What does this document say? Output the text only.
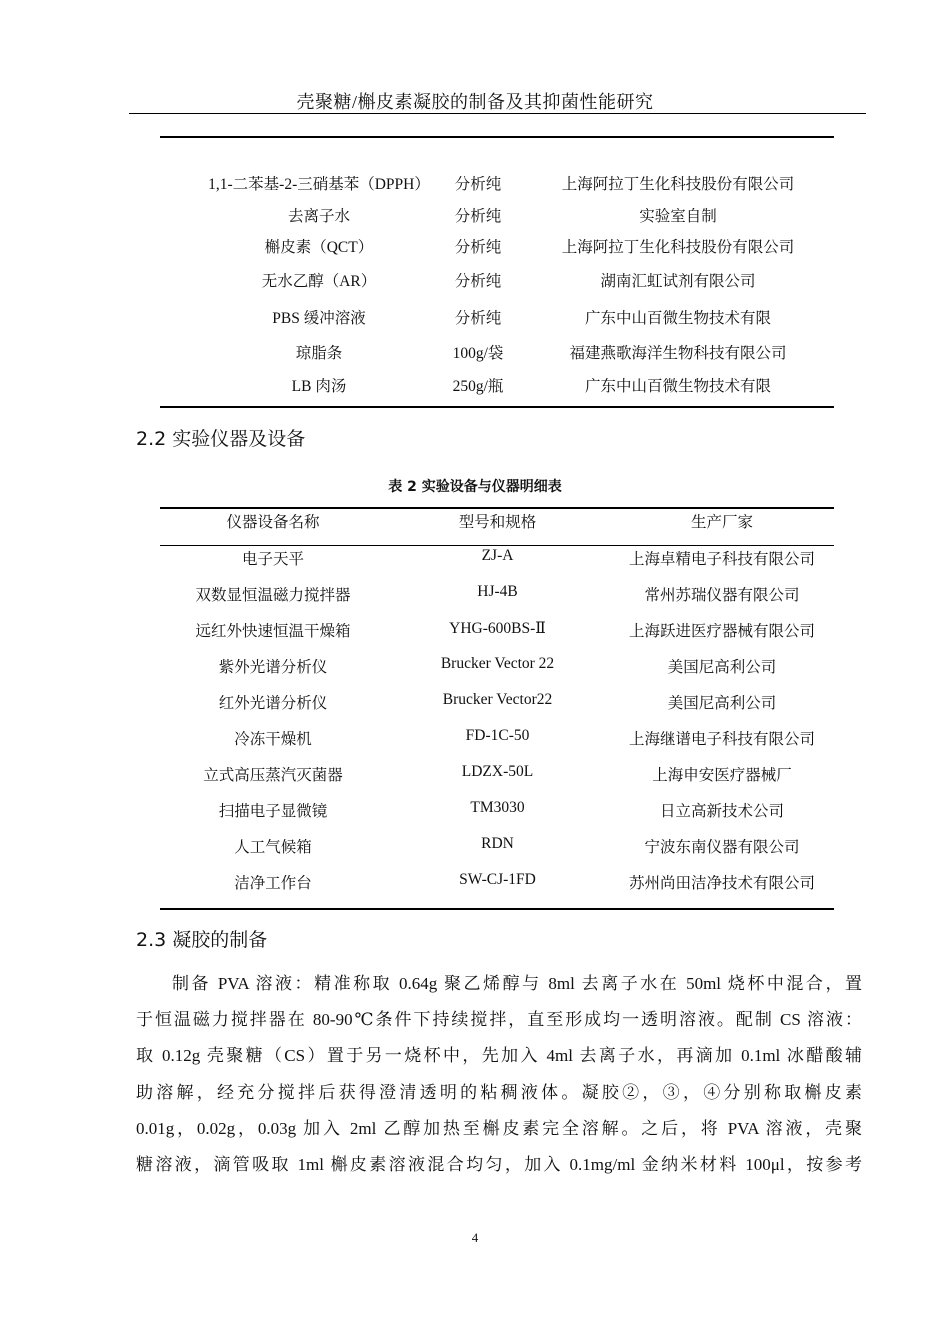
壳聚糖/槲皮素凝胶的制备及其抑菌性能研究
1,1-二苯基-2-三硝基苯（DPPH）	分析纯	上海阿拉丁生化科技股份有限公司
去离子水	分析纯	实验室自制
槲皮素（QCT）	分析纯	上海阿拉丁生化科技股份有限公司
无水乙醇（AR）	分析纯	湖南汇虹试剂有限公司
PBS 缓冲溶液	分析纯	广东中山百微生物技术有限
琼脂条	100g/袋	福建燕歌海洋生物科技有限公司
LB 肉汤	250g/瓶	广东中山百微生物技术有限
2.2 实验仪器及设备
表 2 实验设备与仪器明细表
仪器设备名称	型号和规格	生产厂家
电子天平	ZJ-A	上海卓精电子科技有限公司
双数显恒温磁力搅拌器	HJ-4B	常州苏瑞仪器有限公司
远红外快速恒温干燥箱	YHG-600BS-Ⅱ	上海跃进医疗器械有限公司
紫外光谱分析仪	Brucker Vector 22	美国尼高利公司
红外光谱分析仪	Brucker Vector22	美国尼高利公司
冷冻干燥机	FD-1C-50	上海继谱电子科技有限公司
立式高压蒸汽灭菌器	LDZX-50L	上海申安医疗器械厂
扫描电子显微镜	TM3030	日立高新技术公司
人工气候箱	RDN	宁波东南仪器有限公司
洁净工作台	SW-CJ-1FD	苏州尚田洁净技术有限公司
2.3 凝胶的制备
制备 PVA 溶液：精准称取 0.64g 聚乙烯醇与 8ml 去离子水在 50ml 烧杯中混合，置
于恒温磁力搅拌器在 80-90℃条件下持续搅拌，直至形成均一透明溶液。配制 CS 溶液：
取 0.12g 壳聚糖（CS）置于另一烧杯中，先加入 4ml 去离子水，再滴加 0.1ml 冰醋酸辅
助溶解，经充分搅拌后获得澄清透明的粘稠液体。凝胶②，③，④分别称取槲皮素
0.01g，0.02g，0.03g 加入 2ml 乙醇加热至槲皮素完全溶解。之后，将 PVA 溶液，壳聚
糖溶液，滴管吸取 1ml 槲皮素溶液混合均匀，加入 0.1mg/ml 金纳米材料 100μl，按参考
4
